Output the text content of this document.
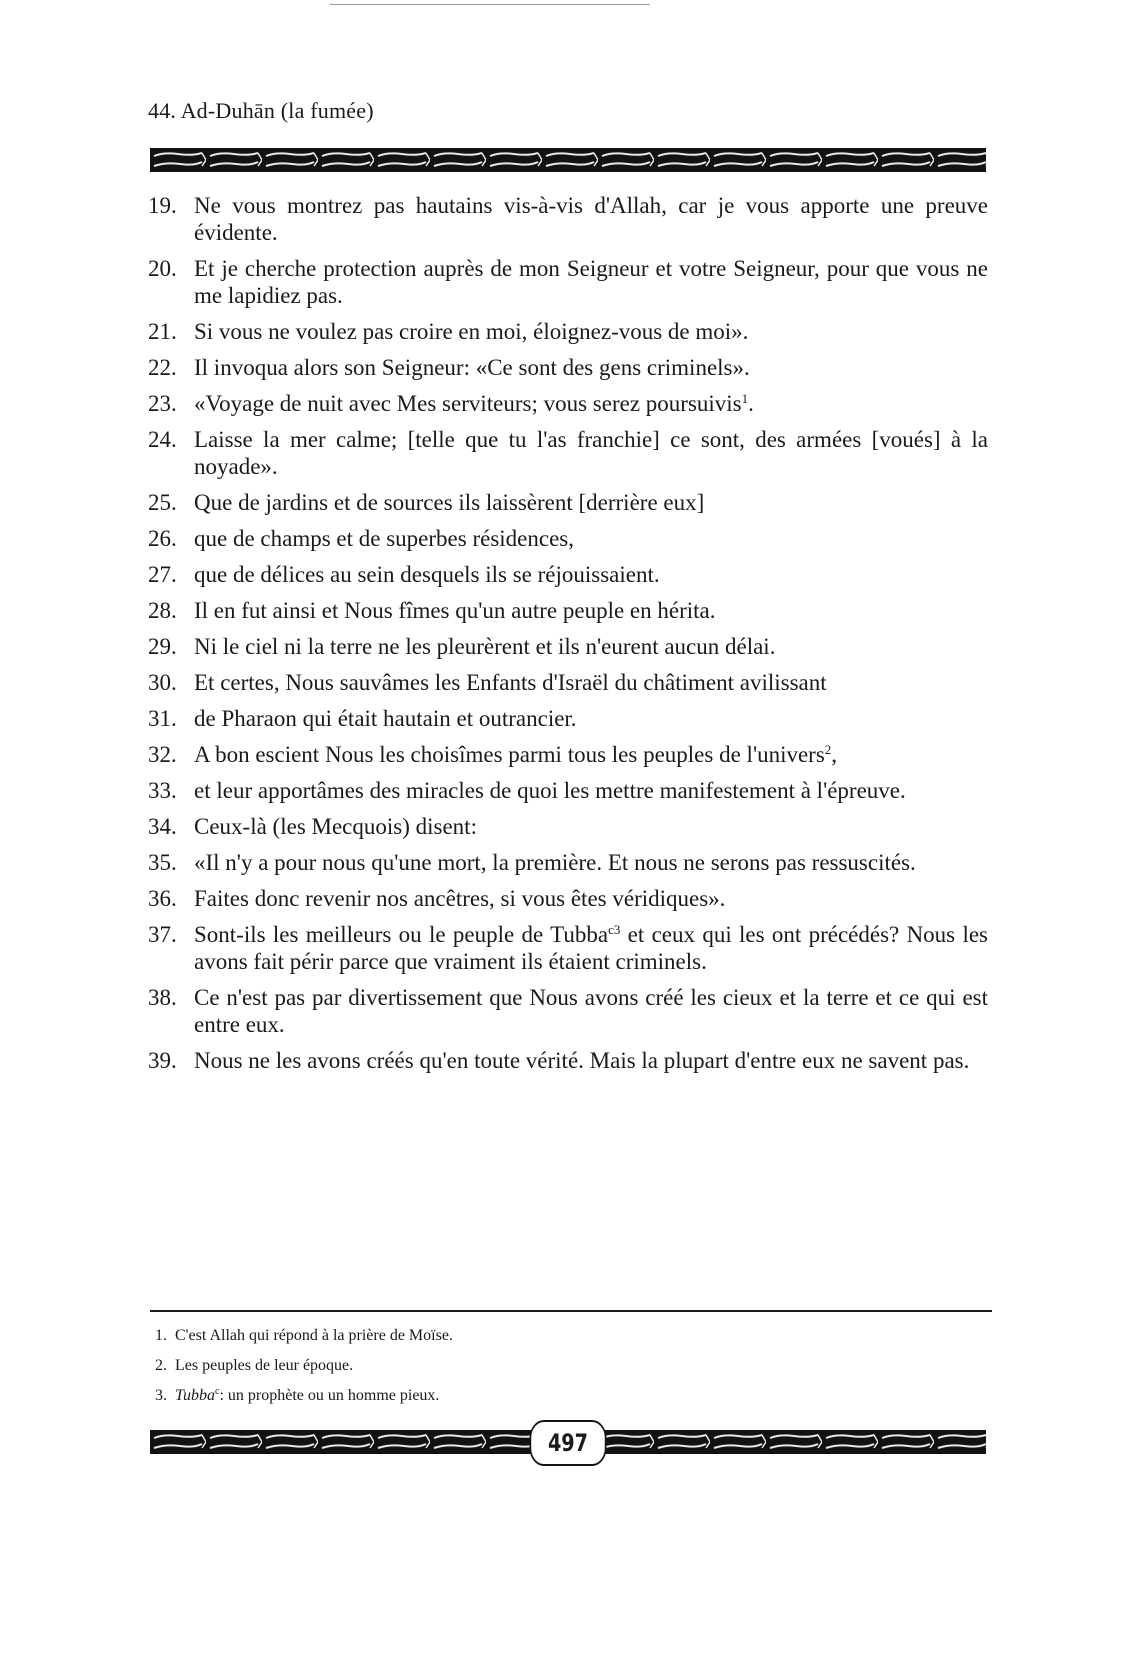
44. Ad-Duhān (la fumée)
19. Ne vous montrez pas hautains vis-à-vis d'Allah, car je vous apporte une preuve évidente.
20. Et je cherche protection auprès de mon Seigneur et votre Seigneur, pour que vous ne me lapidiez pas.
21. Si vous ne voulez pas croire en moi, éloignez-vous de moi».
22. Il invoqua alors son Seigneur: «Ce sont des gens criminels».
23. «Voyage de nuit avec Mes serviteurs; vous serez poursuivis$^1$.
24. Laisse la mer calme; [telle que tu l'as franchie] ce sont, des armées [voués] à la noyade».
25. Que de jardins et de sources ils laissèrent [derrière eux]
26. que de champs et de superbes résidences,
27. que de délices au sein desquels ils se réjouissaient.
28. Il en fut ainsi et Nous fîmes qu'un autre peuple en hérita.
29. Ni le ciel ni la terre ne les pleurèrent et ils n'eurent aucun délai.
30. Et certes, Nous sauvâmes les Enfants d'Israël du châtiment avilissant
31. de Pharaon qui était hautain et outrancier.
32. A bon escient Nous les choisîmes parmi tous les peuples de l'univers$^2$,
33. et leur apportâmes des miracles de quoi les mettre manifestement à l'épreuve.
34. Ceux-là (les Mecquois) disent:
35. «Il n'y a pour nous qu'une mort, la première. Et nous ne serons pas ressuscités.
36. Faites donc revenir nos ancêtres, si vous êtes véridiques».
37. Sont-ils les meilleurs ou le peuple de Tubba$^{c3}$ et ceux qui les ont précédés? Nous les avons fait périr parce que vraiment ils étaient criminels.
38. Ce n'est pas par divertissement que Nous avons créé les cieux et la terre et ce qui est entre eux.
39. Nous ne les avons créés qu'en toute vérité. Mais la plupart d'entre eux ne savent pas.
1. C'est Allah qui répond à la prière de Moïse.
2. Les peuples de leur époque.
3. Tubba$^c$: un prophète ou un homme pieux.
497
